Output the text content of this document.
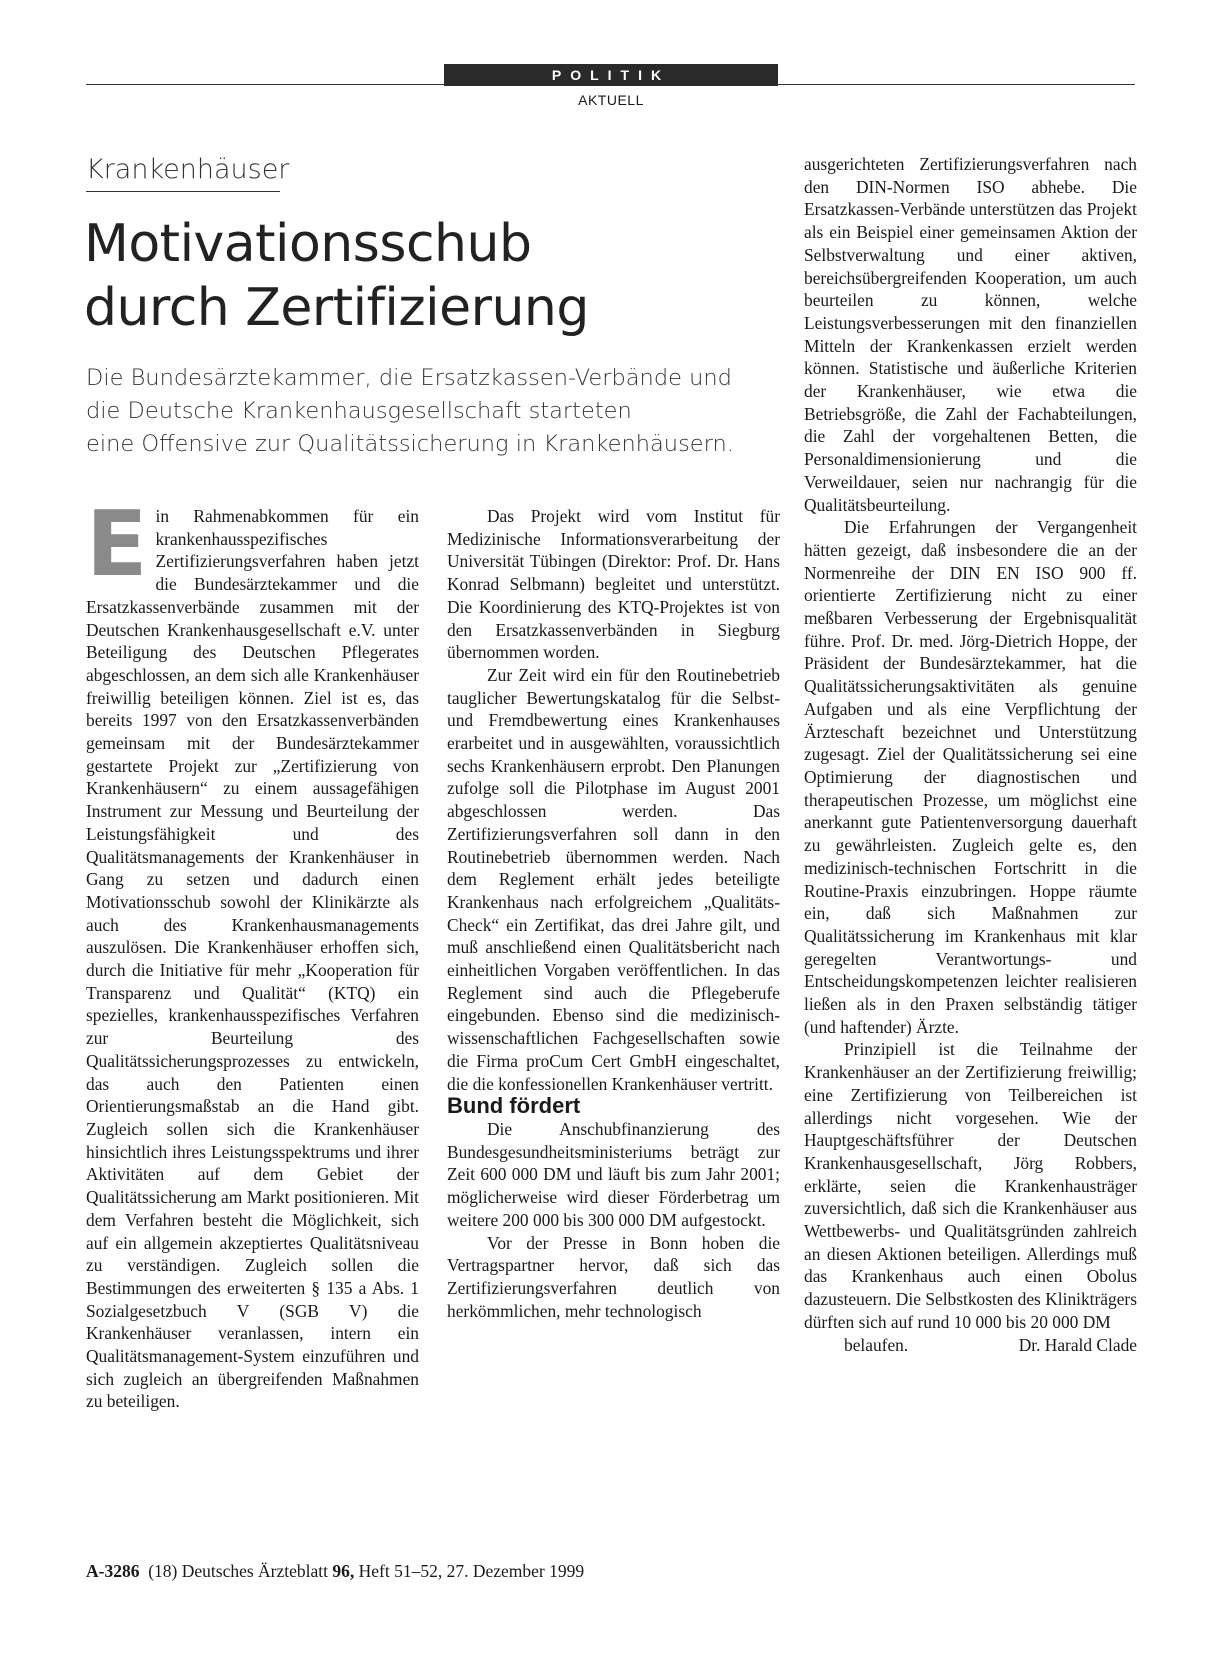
POLITIK
AKTUELL
Krankenhäuser
Motivationsschub
durch Zertifizierung
Die Bundesärztekammer, die Ersatzkassen-Verbände und
die Deutsche Krankenhausgesellschaft starteten
eine Offensive zur Qualitätssicherung in Krankenhäusern.

Ein Rahmenabkommen für ein krankenhausspezifisches Zertifizierungsverfahren haben jetzt die Bundesärztekammer und die Ersatzkassenverbände zusammen mit der Deutschen Krankenhausgesellschaft e.V. unter Beteiligung des Deutschen Pflegerates abgeschlossen, an dem sich alle Krankenhäuser freiwillig beteiligen können. Ziel ist es, das bereits 1997 von den Ersatzkassenverbänden gemeinsam mit der Bundesärztekammer gestartete Projekt zur „Zertifizierung von Krankenhäusern“ zu einem aussagefähigen Instrument zur Messung und Beurteilung der Leistungsfähigkeit und des Qualitätsmanagements der Krankenhäuser in Gang zu setzen und dadurch einen Motivationsschub sowohl der Klinikärzte als auch des Krankenhausmanagements auszulösen. Die Krankenhäuser erhoffen sich, durch die Initiative für mehr „Kooperation für Transparenz und Qualität“ (KTQ) ein spezielles, krankenhausspezifisches Verfahren zur Beurteilung des Qualitätssicherungsprozesses zu entwickeln, das auch den Patienten einen Orientierungsmaßstab an die Hand gibt. Zugleich sollen sich die Krankenhäuser hinsichtlich ihres Leistungsspektrums und ihrer Aktivitäten auf dem Gebiet der Qualitätssicherung am Markt positionieren. Mit dem Verfahren besteht die Möglichkeit, sich auf ein allgemein akzeptiertes Qualitätsniveau zu verständigen. Zugleich sollen die Bestimmungen des erweiterten § 135 a Abs. 1 Sozialgesetzbuch V (SGB V) die Krankenhäuser veranlassen, intern ein Qualitätsmanagement-System einzuführen und sich zugleich an übergreifenden Maßnahmen zu beteiligen.

Das Projekt wird vom Institut für Medizinische Informationsverarbeitung der Universität Tübingen (Direktor: Prof. Dr. Hans Konrad Selbmann) begleitet und unterstützt. Die Koordinierung des KTQ-Projektes ist von den Ersatzkassenverbänden in Siegburg übernommen worden.

Zur Zeit wird ein für den Routinebetrieb tauglicher Bewertungskatalog für die Selbst- und Fremdbewertung eines Krankenhauses erarbeitet und in ausgewählten, voraussichtlich sechs Krankenhäusern erprobt. Den Planungen zufolge soll die Pilotphase im August 2001 abgeschlossen werden. Das Zertifizierungsverfahren soll dann in den Routinebetrieb übernommen werden. Nach dem Reglement erhält jedes beteiligte Krankenhaus nach erfolgreichem „Qualitäts-Check“ ein Zertifikat, das drei Jahre gilt, und muß anschließend einen Qualitätsbericht nach einheitlichen Vorgaben veröffentlichen. In das Reglement sind auch die Pflegeberufe eingebunden. Ebenso sind die medizinisch-wissenschaftlichen Fachgesellschaften sowie die Firma proCum Cert GmbH eingeschaltet, die die konfessionellen Krankenhäuser vertritt.

Bund fördert

Die Anschubfinanzierung des Bundesgesundheitsministeriums beträgt zur Zeit 600 000 DM und läuft bis zum Jahr 2001; möglicherweise wird dieser Förderbetrag um weitere 200 000 bis 300 000 DM aufgestockt.

Vor der Presse in Bonn hoben die Vertragspartner hervor, daß sich das Zertifizierungsverfahren deutlich von herkömmlichen, mehr technologisch

ausgerichteten Zertifizierungsverfahren nach den DIN-Normen ISO abhebe. Die Ersatzkassen-Verbände unterstützen das Projekt als ein Beispiel einer gemeinsamen Aktion der Selbstverwaltung und einer aktiven, bereichsübergreifenden Kooperation, um auch beurteilen zu können, welche Leistungsverbesserungen mit den finanziellen Mitteln der Krankenkassen erzielt werden können. Statistische und äußerliche Kriterien der Krankenhäuser, wie etwa die Betriebsgröße, die Zahl der Fachabteilungen, die Zahl der vorgehaltenen Betten, die Personaldimensionierung und die Verweildauer, seien nur nachrangig für die Qualitätsbeurteilung.

Die Erfahrungen der Vergangenheit hätten gezeigt, daß insbesondere die an der Normenreihe der DIN EN ISO 900 ff. orientierte Zertifizierung nicht zu einer meßbaren Verbesserung der Ergebnisqualität führe. Prof. Dr. med. Jörg-Dietrich Hoppe, der Präsident der Bundesärztekammer, hat die Qualitätssicherungsaktivitäten als genuine Aufgaben und als eine Verpflichtung der Ärzteschaft bezeichnet und Unterstützung zugesagt. Ziel der Qualitätssicherung sei eine Optimierung der diagnostischen und therapeutischen Prozesse, um möglichst eine anerkannt gute Patientenversorgung dauerhaft zu gewährleisten. Zugleich gelte es, den medizinisch-technischen Fortschritt in die Routine-Praxis einzubringen. Hoppe räumte ein, daß sich Maßnahmen zur Qualitätssicherung im Krankenhaus mit klar geregelten Verantwortungs- und Entscheidungskompetenzen leichter realisieren ließen als in den Praxen selbständig tätiger (und haftender) Ärzte.

Prinzipiell ist die Teilnahme der Krankenhäuser an der Zertifizierung freiwillig; eine Zertifizierung von Teilbereichen ist allerdings nicht vorgesehen. Wie der Hauptgeschäftsführer der Deutschen Krankenhausgesellschaft, Jörg Robbers, erklärte, seien die Krankenhausträger zuversichtlich, daß sich die Krankenhäuser aus Wettbewerbs- und Qualitätsgründen zahlreich an diesen Aktionen beteiligen. Allerdings muß das Krankenhaus auch einen Obolus dazusteuern. Die Selbstkosten des Klinikträgers dürften sich auf rund 10 000 bis 20 000 DM

belaufen.	Dr. Harald Clade

A-3286 (18) Deutsches Ärzteblatt 96, Heft 51–52, 27. Dezember 1999
